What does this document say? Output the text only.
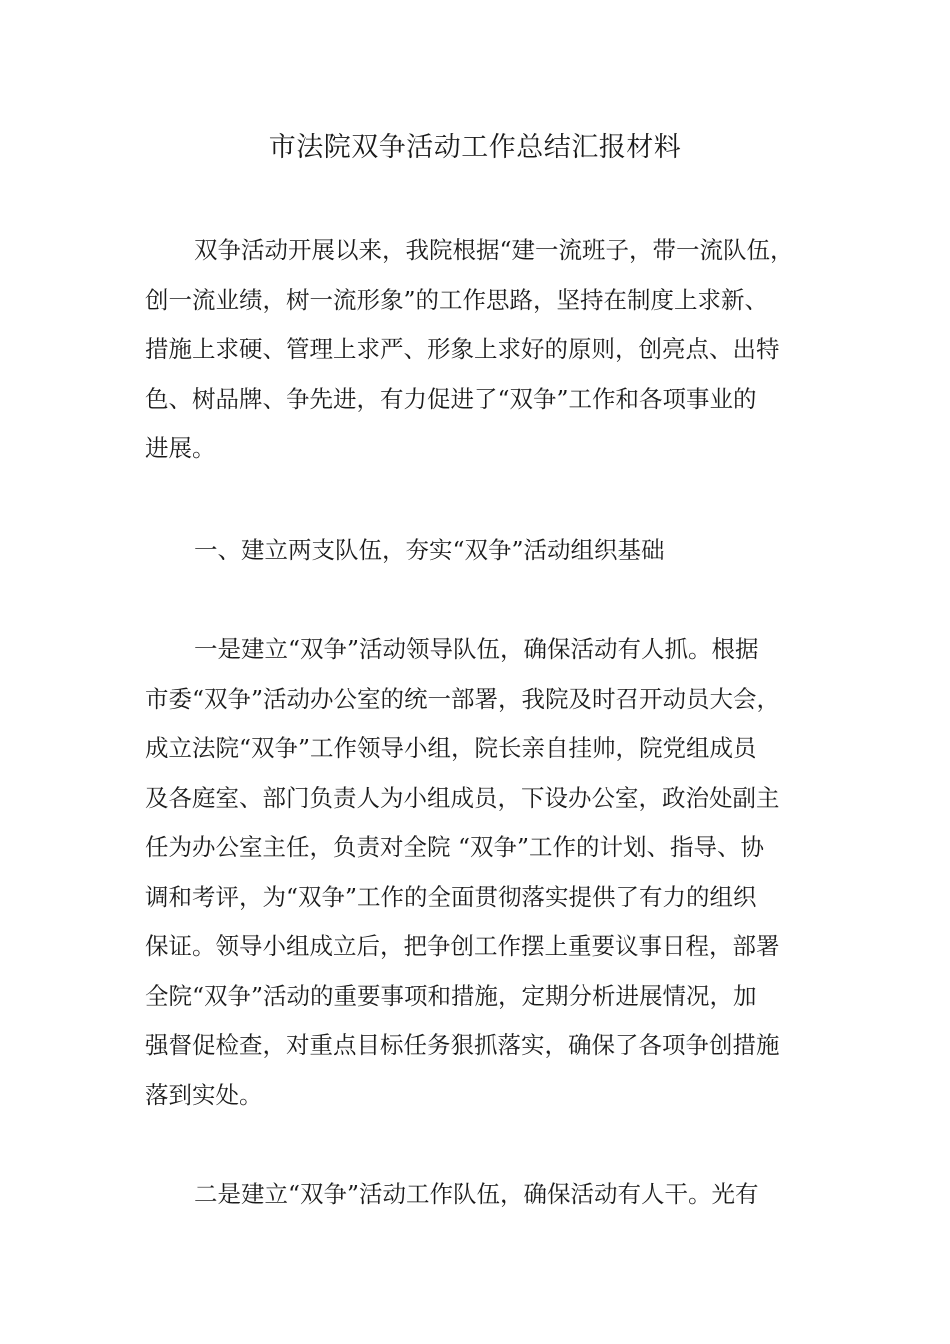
市法院双争活动工作总结汇报材料
双争活动开展以来，我院根据“建一流班子，带一流队伍，
创一流业绩，树一流形象”的工作思路，坚持在制度上求新、
措施上求硬、管理上求严、形象上求好的原则，创亮点、出特
色、树品牌、争先进，有力促进了“双争”工作和各项事业的
进展。
一、建立两支队伍，夯实“双争”活动组织基础
一是建立“双争”活动领导队伍，确保活动有人抓。根据
市委“双争”活动办公室的统一部署，我院及时召开动员大会，
成立法院“双争”工作领导小组，院长亲自挂帅，院党组成员
及各庭室、部门负责人为小组成员，下设办公室，政治处副主
任为办公室主任，负责对全院 “双争”工作的计划、指导、协
调和考评，为“双争”工作的全面贯彻落实提供了有力的组织
保证。领导小组成立后，把争创工作摆上重要议事日程，部署
全院“双争”活动的重要事项和措施，定期分析进展情况，加
强督促检查，对重点目标任务狠抓落实，确保了各项争创措施
落到实处。
二是建立“双争”活动工作队伍，确保活动有人干。光有
